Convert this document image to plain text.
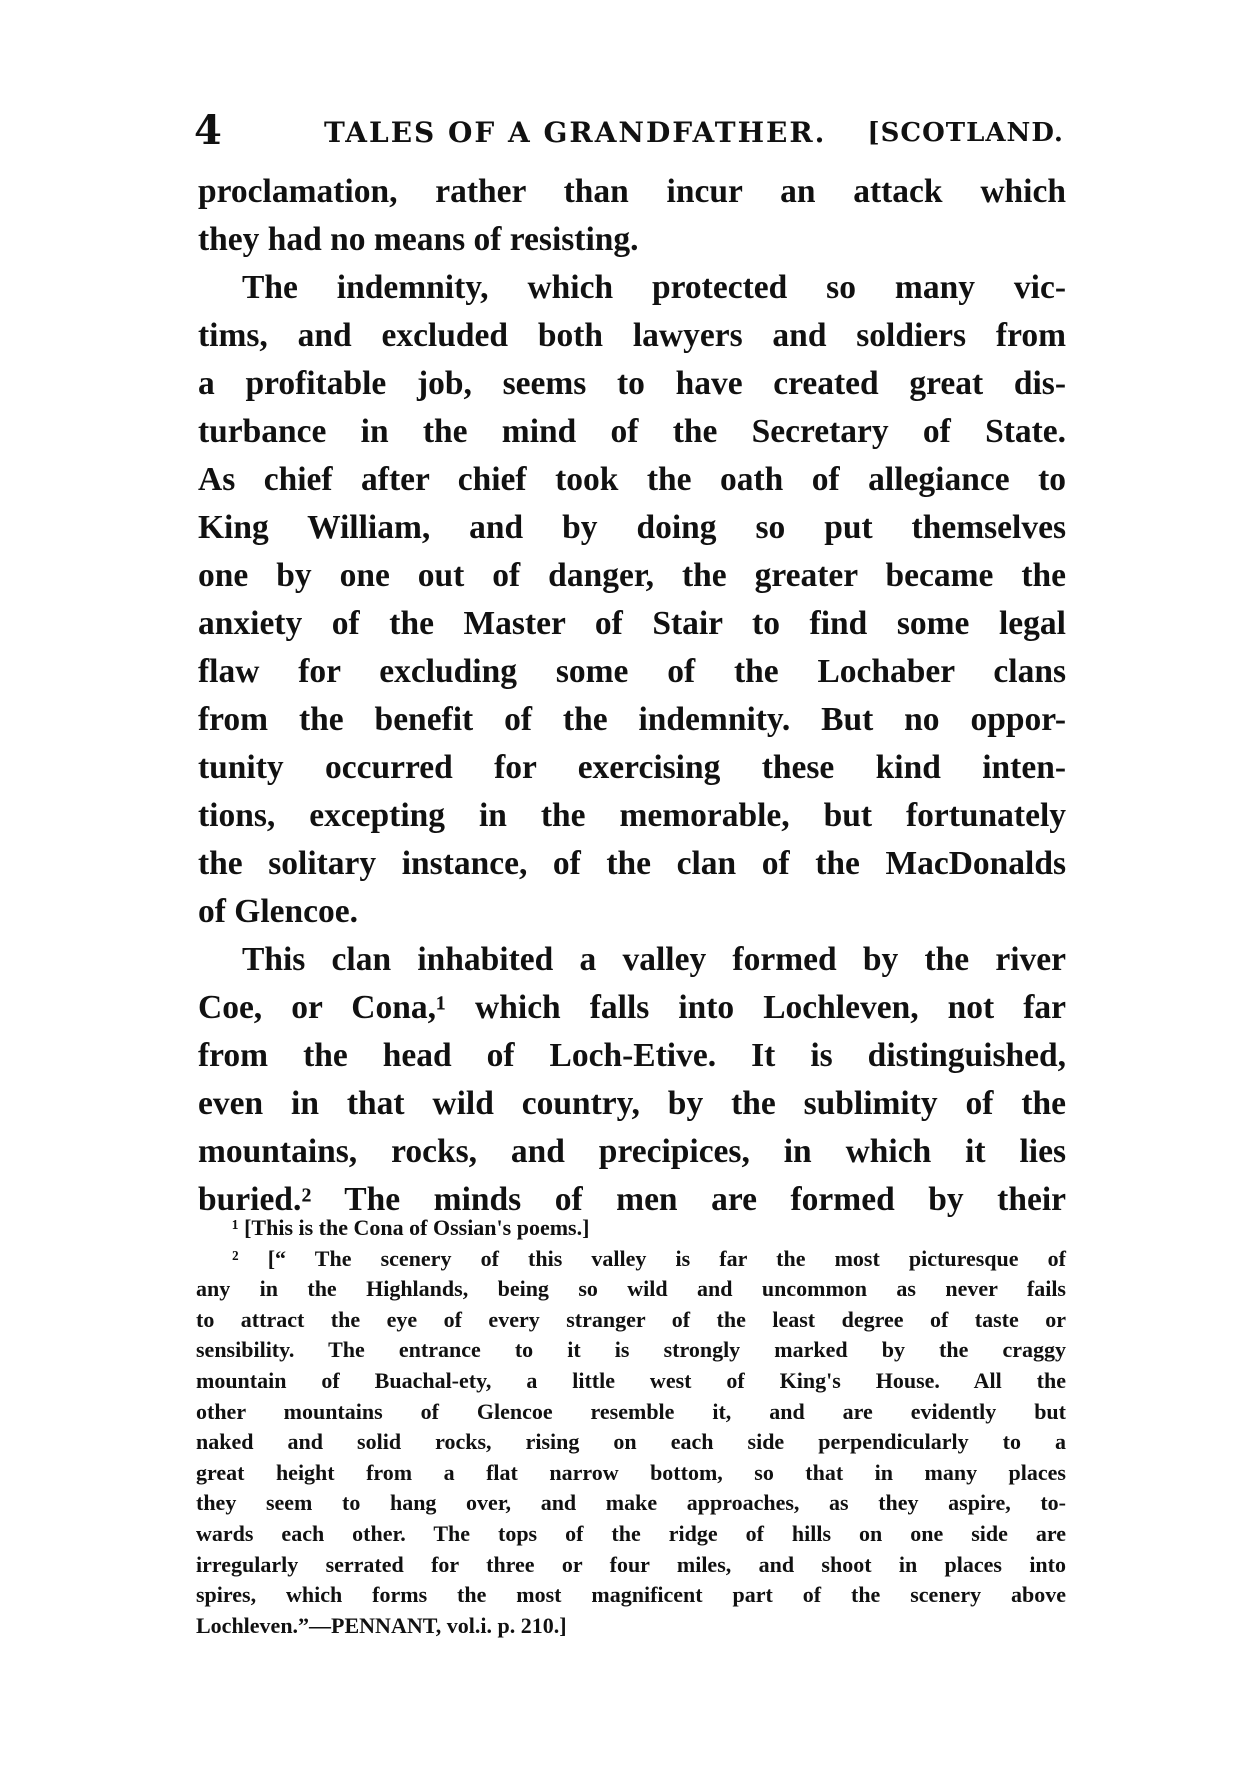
4	TALES OF A GRANDFATHER. [SCOTLAND.
proclamation, rather than incur an attack which
they had no means of resisting.
The indemnity, which protected so many vic-
tims, and excluded both lawyers and soldiers from
a profitable job, seems to have created great dis-
turbance in the mind of the Secretary of State.
As chief after chief took the oath of allegiance to
King William, and by doing so put themselves
one by one out of danger, the greater became the
anxiety of the Master of Stair to find some legal
flaw for excluding some of the Lochaber clans
from the benefit of the indemnity. But no oppor-
tunity occurred for exercising these kind inten-
tions, excepting in the memorable, but fortunately
the solitary instance, of the clan of the MacDonalds
of Glencoe.
This clan inhabited a valley formed by the river
Coe, or Cona,¹ which falls into Lochleven, not far
from the head of Loch-Etive. It is distinguished,
even in that wild country, by the sublimity of the
mountains, rocks, and precipices, in which it lies
buried.² The minds of men are formed by their
¹ [This is the Cona of Ossian's poems.]
² [“ The scenery of this valley is far the most picturesque of
any in the Highlands, being so wild and uncommon as never fails
to attract the eye of every stranger of the least degree of taste or
sensibility. The entrance to it is strongly marked by the craggy
mountain of Buachal-ety, a little west of King's House. All the
other mountains of Glencoe resemble it, and are evidently but
naked and solid rocks, rising on each side perpendicularly to a
great height from a flat narrow bottom, so that in many places
they seem to hang over, and make approaches, as they aspire, to-
wards each other. The tops of the ridge of hills on one side are
irregularly serrated for three or four miles, and shoot in places into
spires, which forms the most magnificent part of the scenery above
Lochleven.”—PENNANT, vol.i. p. 210.]
